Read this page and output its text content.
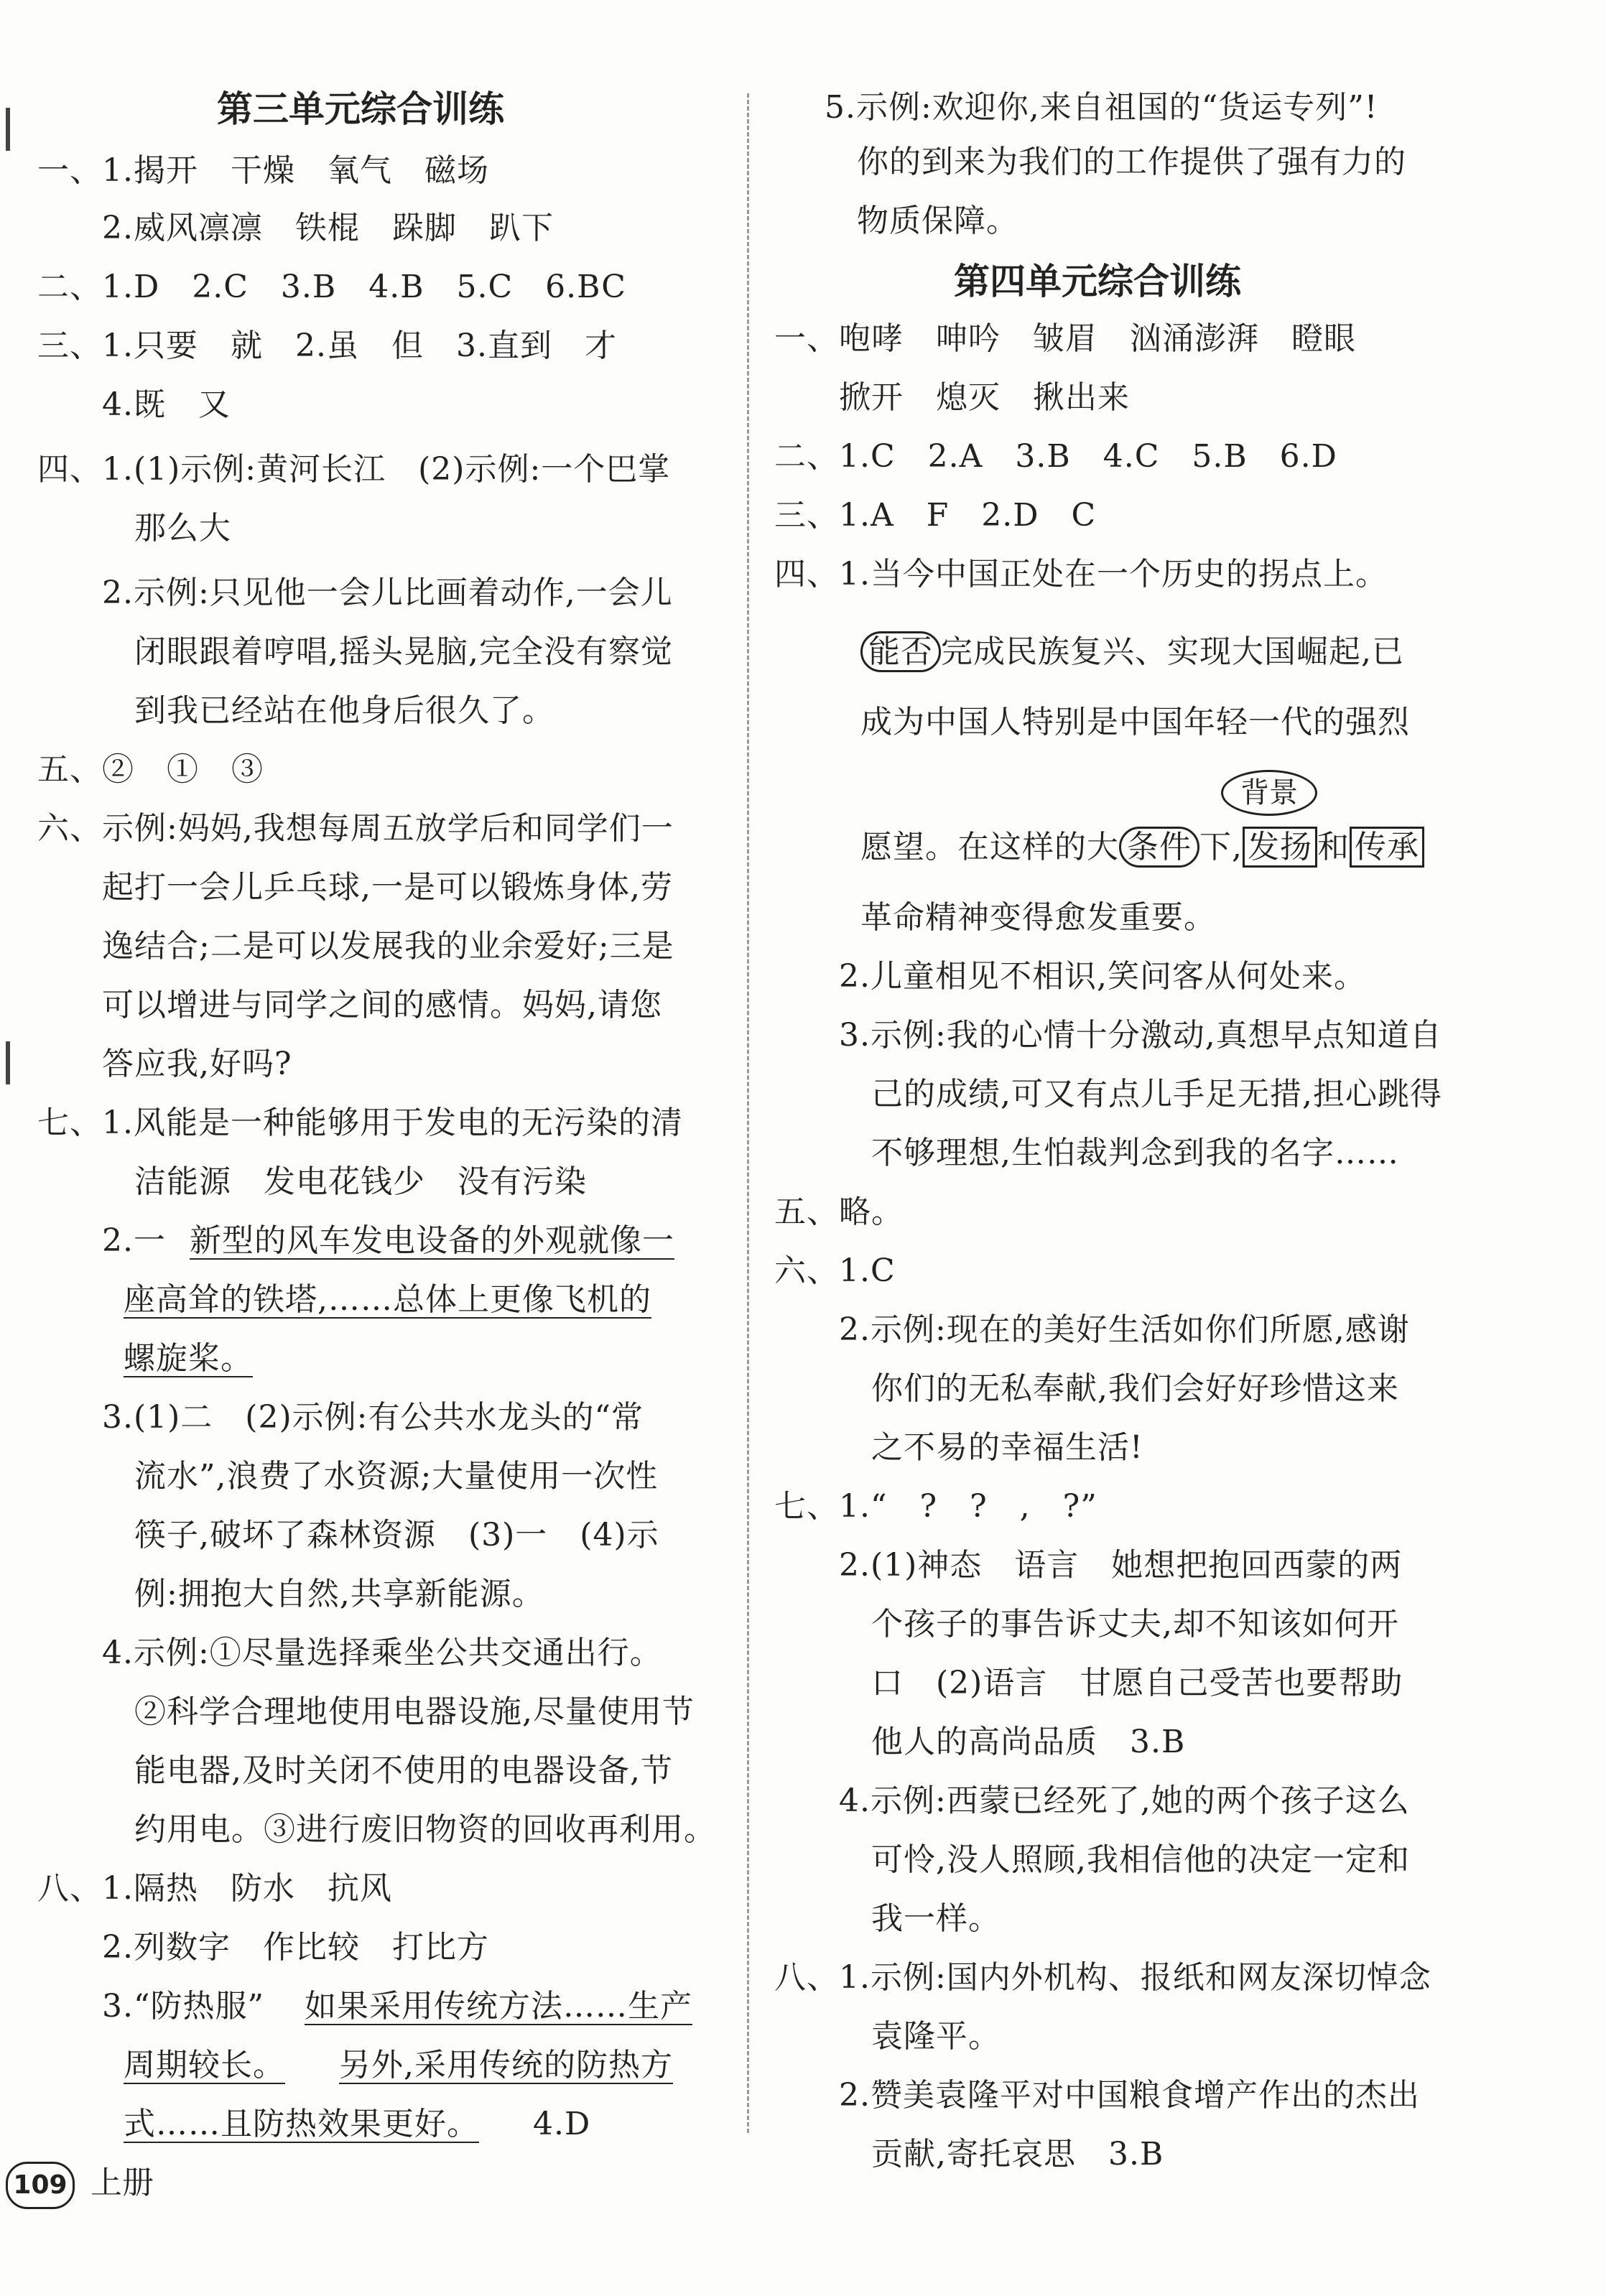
第三单元综合训练
一、1.揭开　干燥　氧气　磁场
　　2.威风凛凛　铁棍　跺脚　趴下
二、1.D　2.C　3.B　4.B　5.C　6.BC
三、1.只要　就　2.虽　但　3.直到　才
　　4.既　又
四、1.(1)示例:黄河长江　(2)示例:一个巴掌
　　　那么大
　　2.示例:只见他一会儿比画着动作,一会儿
　　　闭眼跟着哼唱,摇头晃脑,完全没有察觉
　　　到我已经站在他身后很久了。
五、②　①　③
六、示例:妈妈,我想每周五放学后和同学们一
　　起打一会儿乒乓球,一是可以锻炼身体,劳
　　逸结合;二是可以发展我的业余爱好;三是
　　可以增进与同学之间的感情。妈妈,请您
　　答应我,好吗?
七、1.风能是一种能够用于发电的无污染的清
　　　洁能源　发电花钱少　没有污染
　　2.一 新型的风车发电设备的外观就像一
座高耸的铁塔,……总体上更像飞机的
螺旋桨。
　　3.(1)二　(2)示例:有公共水龙头的“常
　　　流水”,浪费了水资源;大量使用一次性
　　　筷子,破坏了森林资源　(3)一　(4)示
　　　例:拥抱大自然,共享新能源。
　　4.示例:①尽量选择乘坐公共交通出行。
　　　②科学合理地使用电器设施,尽量使用节
　　　能电器,及时关闭不使用的电器设备,节
　　　约用电。③进行废旧物资的回收再利用。
八、1.隔热　防水　抗风
　　2.列数字　作比较　打比方
　　3.“防热服” 如果采用传统方法……生产
周期较长。 另外,采用传统的防热方
式……且防热效果更好。 4.D
5.示例:欢迎你,来自祖国的“货运专列”!
　你的到来为我们的工作提供了强有力的
　物质保障。
第四单元综合训练
一、咆哮　呻吟　皱眉　汹涌澎湃　瞪眼
　　掀开　熄灭　揪出来
二、1.C　2.A　3.B　4.C　5.B　6.D
三、1.A　F　2.D　C
四、1.当今中国正处在一个历史的拐点上。
能否 完成民族复兴、实现大国崛起,已
成为中国人特别是中国年轻一代的强烈
背景
愿望。在这样的大 条件 下, 发扬 和 传承
革命精神变得愈发重要。
　　2.儿童相见不相识,笑问客从何处来。
　　3.示例:我的心情十分激动,真想早点知道自
　　　己的成绩,可又有点儿手足无措,担心跳得
　　　不够理想,生怕裁判念到我的名字……
五、略。
六、1.C
　　2.示例:现在的美好生活如你们所愿,感谢
　　　你们的无私奉献,我们会好好珍惜这来
　　　之不易的幸福生活!
七、1.“　?　?　,　?”
　　2.(1)神态　语言　她想把抱回西蒙的两
　　　个孩子的事告诉丈夫,却不知该如何开
　　　口　(2)语言　甘愿自己受苦也要帮助
　　　他人的高尚品质　3.B
　　4.示例:西蒙已经死了,她的两个孩子这么
　　　可怜,没人照顾,我相信他的决定一定和
　　　我一样。
八、1.示例:国内外机构、报纸和网友深切悼念
　　　袁隆平。
　　2.赞美袁隆平对中国粮食增产作出的杰出
　　　贡献,寄托哀思　3.B
109 上册
